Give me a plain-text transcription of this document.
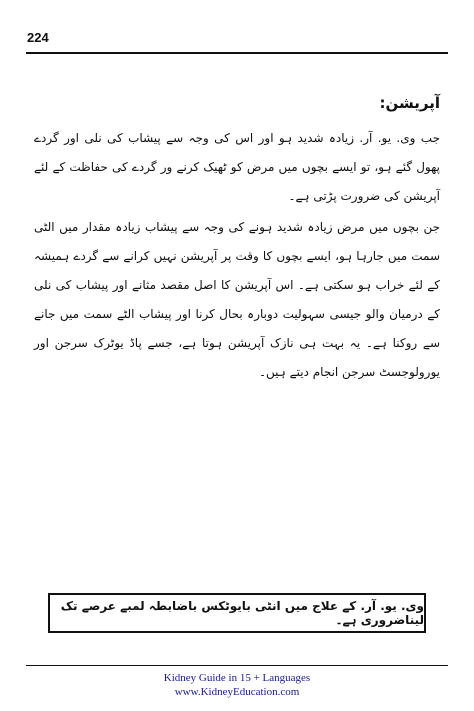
224
آپریشن:

جب وی. یو. آر. زیادہ شدید ہو اور اس کی وجہ سے پیشاب کی نلی اور گردے پھول گئے ہو، تو ایسے بچوں میں مرض کو ٹھیک کرنے ور گردے کی حفاظت کے لئے آپریشن کی ضرورت پڑتی ہے۔

جن بچوں میں مرض زیادہ شدید ہونے کی وجہ سے پیشاب زیادہ مقدار میں الٹی سمت میں جارہا ہو، ایسے بچوں کا وقت پر آپریشن نہیں کرانے سے گردے ہمیشہ کے لئے خراب ہو سکتی ہے۔ اس آپریشن کا اصل مقصد مثانے اور پیشاب کی نلی کے درمیان والو جیسی سہولیت دوبارہ بحال کرنا اور پیشاب الٹے سمت میں جانے سے روکنا ہے۔ یہ بہت ہی نازک آپریشن ہوتا ہے، جسے پاڈ یوٹرک سرجن اور یورولوجسٹ سرجن انجام دیتے ہیں۔

وی. یو. آر. کے علاج میں انٹی بایوٹکس باضابطہ لمبے عرصے تک لیناضروری ہے۔
Kidney Guide in 15 + Languages
www.KidneyEducation.com
